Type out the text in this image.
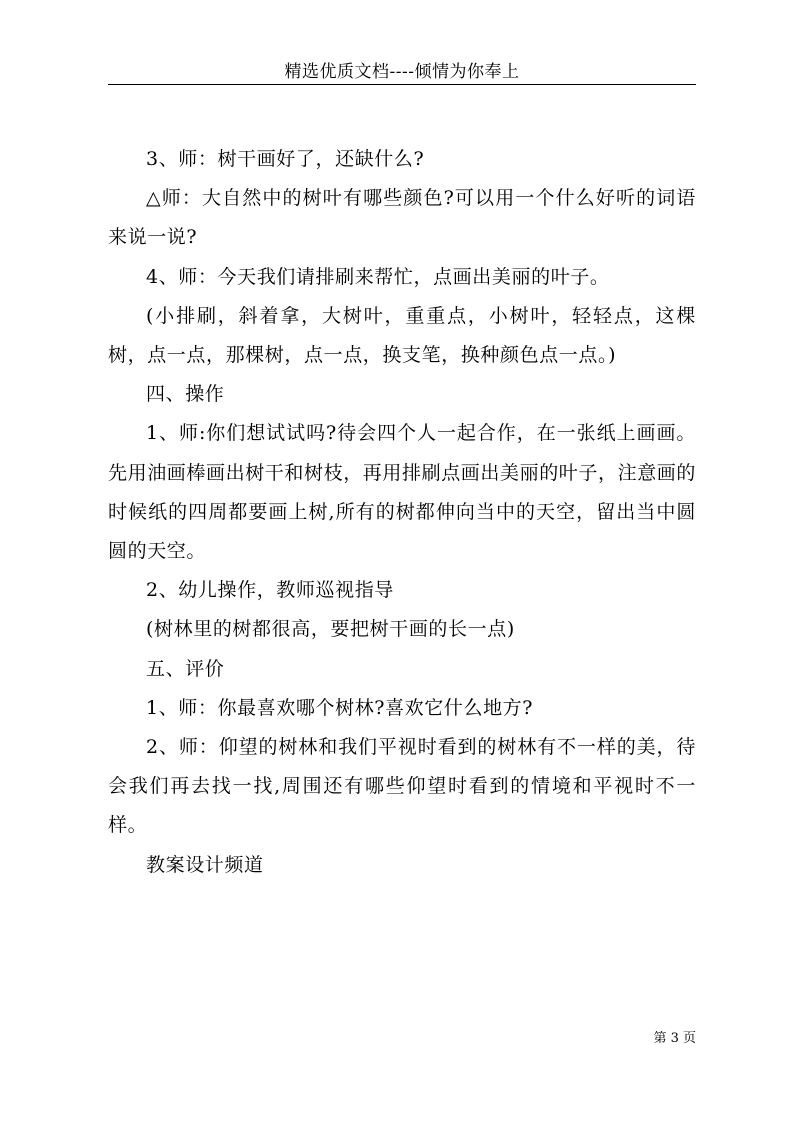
精选优质文档----倾情为你奉上

3、师：树干画好了，还缺什么?

△师：大自然中的树叶有哪些颜色?可以用一个什么好听的词语来说一说?

4、师：今天我们请排刷来帮忙，点画出美丽的叶子。

(小排刷，斜着拿，大树叶，重重点，小树叶，轻轻点，这棵树，点一点，那棵树，点一点，换支笔，换种颜色点一点。)

四、操作

1、师:你们想试试吗?待会四个人一起合作，在一张纸上画画。先用油画棒画出树干和树枝，再用排刷点画出美丽的叶子，注意画的时候纸的四周都要画上树,所有的树都伸向当中的天空，留出当中圆圆的天空。

2、幼儿操作，教师巡视指导

(树林里的树都很高，要把树干画的长一点)

五、评价

1、师：你最喜欢哪个树林?喜欢它什么地方?

2、师：仰望的树林和我们平视时看到的树林有不一样的美，待会我们再去找一找,周围还有哪些仰望时看到的情境和平视时不一样。

教案设计频道

第 3 页
